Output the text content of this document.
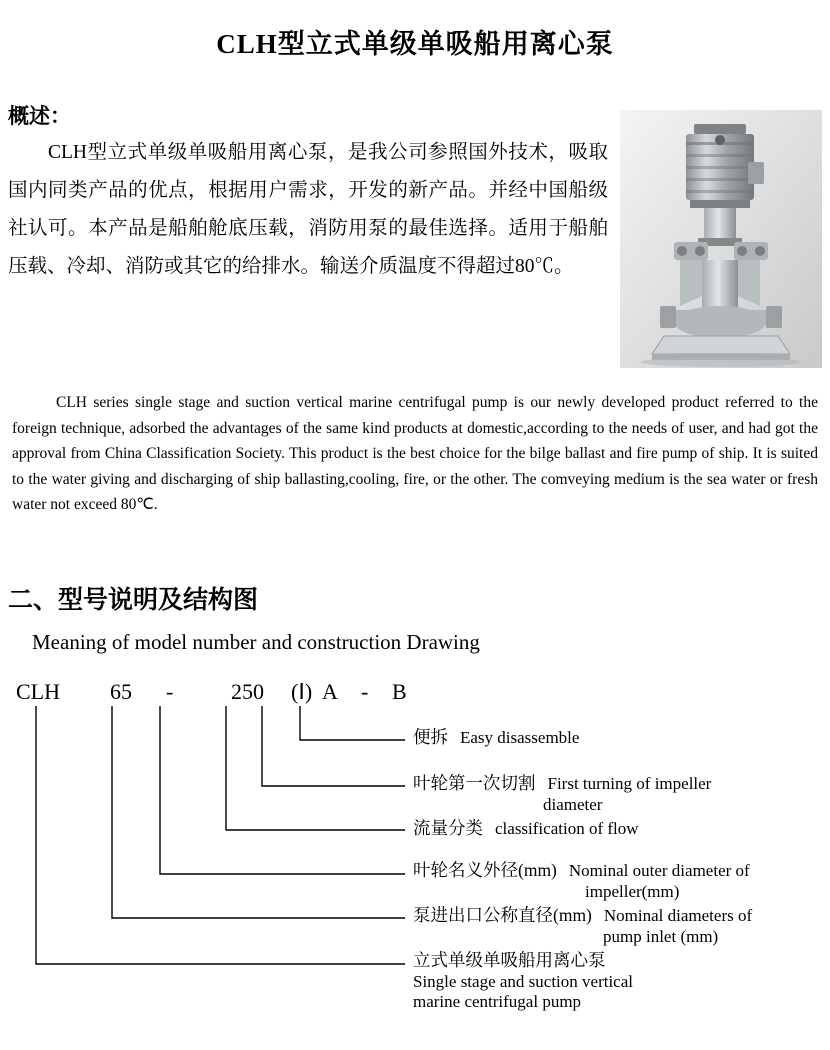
CLH型立式单级单吸船用离心泵
概述：
CLH型立式单级单吸船用离心泵，是我公司参照国外技术，吸取国内同类产品的优点，根据用户需求，开发的新产品。并经中国船级社认可。本产品是船舶舱底压载，消防用泵的最佳选择。适用于船舶压载、冷却、消防或其它的给排水。输送介质温度不得超过80℃。
CLH series single stage and suction vertical marine centrifugal pump is our newly developed product referred to the foreign technique, adsorbed the advantages of the same kind products at domestic,according to the needs of user, and had got the approval from China Classification Society. This product is the best choice for the bilge ballast and fire pump of ship. It is suited to the water giving and discharging of ship ballasting,cooling, fire, or the other. The comveying medium is the sea water or fresh water not exceed 80℃.
二、型号说明及结构图
Meaning of model number and construction Drawing
CLH 65 -	250 (Ⅰ) A - B
便拆 Easy disassemble
叶轮第一次切割 First turning of impeller
diameter
流量分类 classification of flow
叶轮名义外径(mm) Nominal outer diameter of
impeller(mm)
泵进出口公称直径(mm) Nominal diameters of
pump inlet (mm)
立式单级单吸船用离心泵
Single stage and suction vertical
marine centrifugal pump
